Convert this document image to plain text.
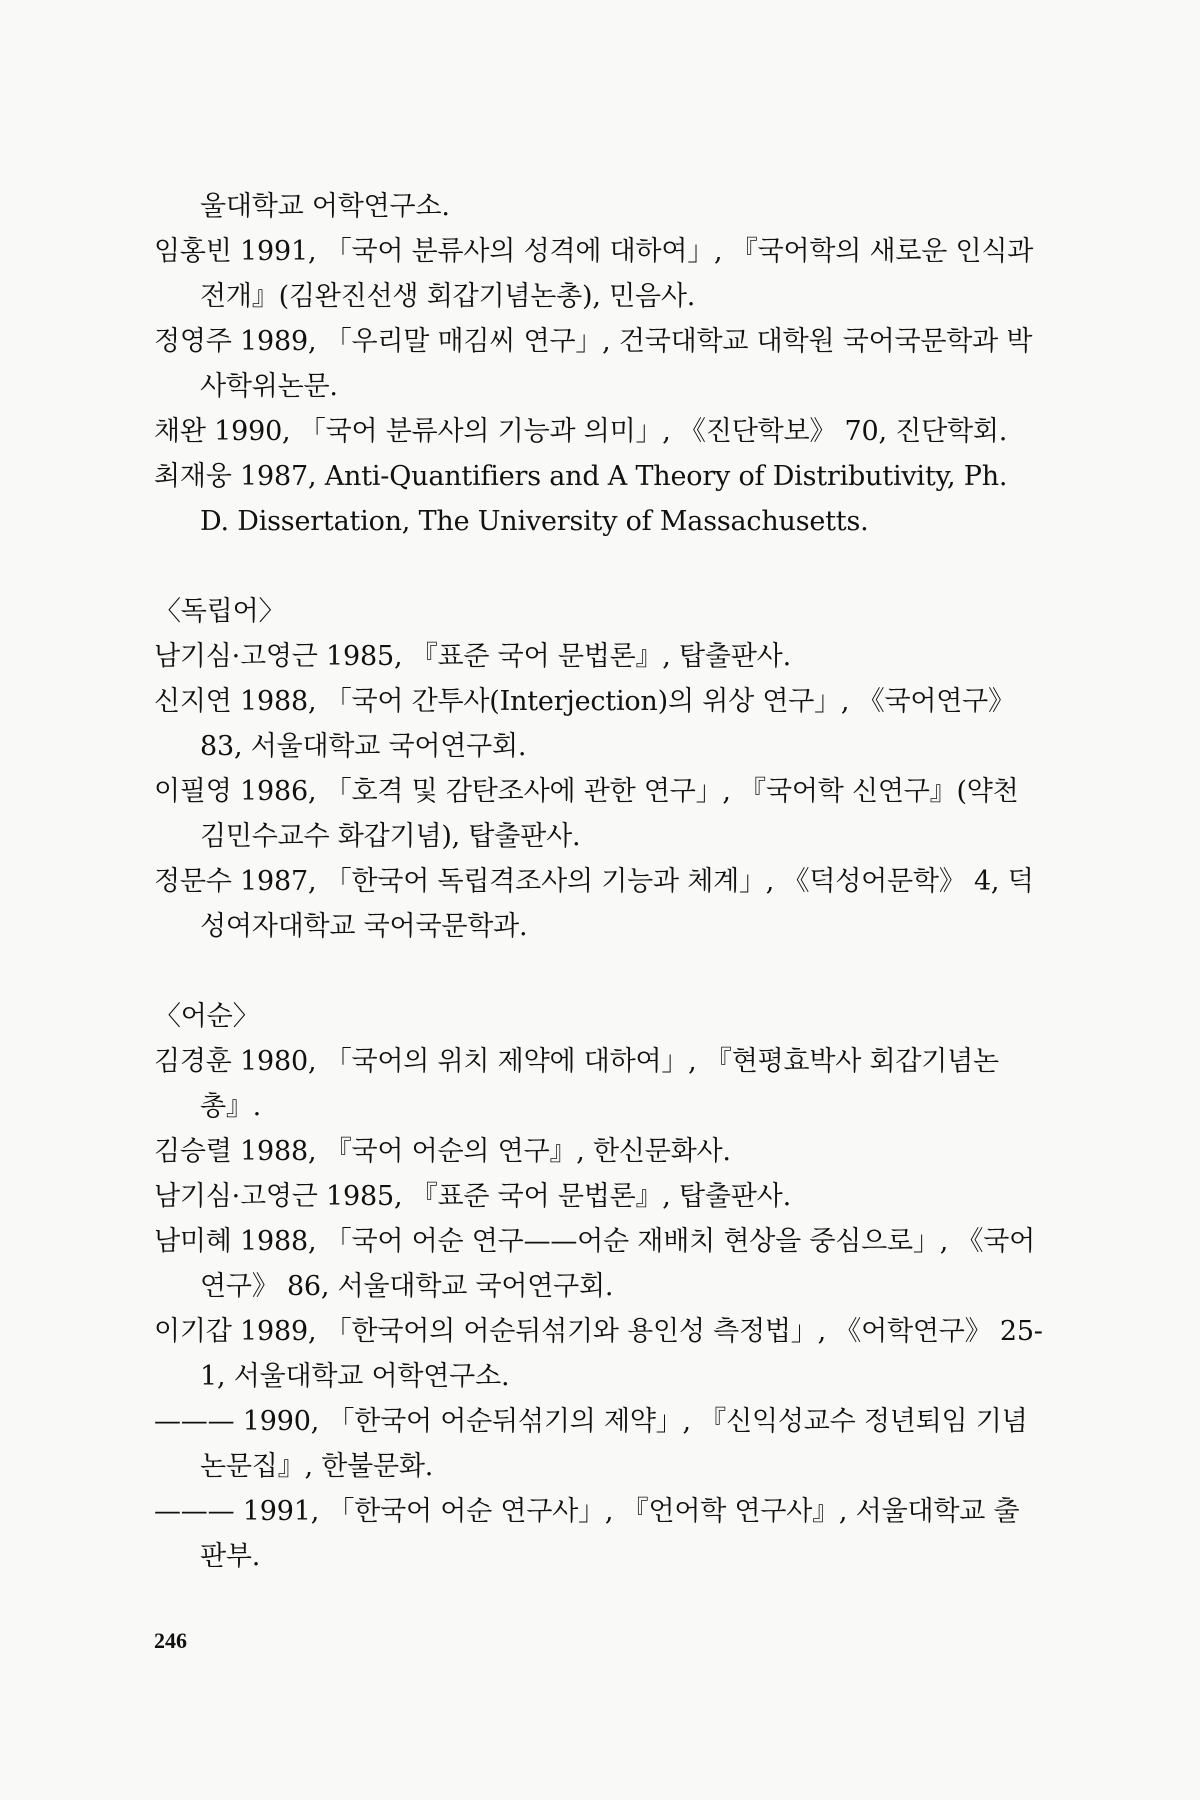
울대학교 어학연구소.

임홍빈 1991, 「국어 분류사의 성격에 대하여」, 『국어학의 새로운 인식과 전개』(김완진선생 회갑기념논총), 민음사.

정영주 1989, 「우리말 매김씨 연구」, 건국대학교 대학원 국어국문학과 박사학위논문.

채완 1990, 「국어 분류사의 기능과 의미」, 《진단학보》 70, 진단학회.

최재웅 1987, Anti-Quantifiers and A Theory of Distributivity, Ph. D. Dissertation, The University of Massachusetts.

〈독립어〉

남기심·고영근 1985, 『표준 국어 문법론』, 탑출판사.

신지연 1988, 「국어 간투사(Interjection)의 위상 연구」, 《국어연구》 83, 서울대학교 국어연구회.

이필영 1986, 「호격 및 감탄조사에 관한 연구」, 『국어학 신연구』(약천 김민수교수 화갑기념), 탑출판사.

정문수 1987, 「한국어 독립격조사의 기능과 체계」, 《덕성어문학》 4, 덕성여자대학교 국어국문학과.

〈어순〉

김경훈 1980, 「국어의 위치 제약에 대하여」, 『현평효박사 회갑기념논총』.

김승렬 1988, 『국어 어순의 연구』, 한신문화사.

남기심·고영근 1985, 『표준 국어 문법론』, 탑출판사.

남미혜 1988, 「국어 어순 연구——어순 재배치 현상을 중심으로」, 《국어연구》 86, 서울대학교 국어연구회.

이기갑 1989, 「한국어의 어순뒤섞기와 용인성 측정법」, 《어학연구》 25-1, 서울대학교 어학연구소.

——— 1990, 「한국어 어순뒤섞기의 제약」, 『신익성교수 정년퇴임 기념논문집』, 한불문화.

——— 1991, 「한국어 어순 연구사」, 『언어학 연구사』, 서울대학교 출판부.

246
